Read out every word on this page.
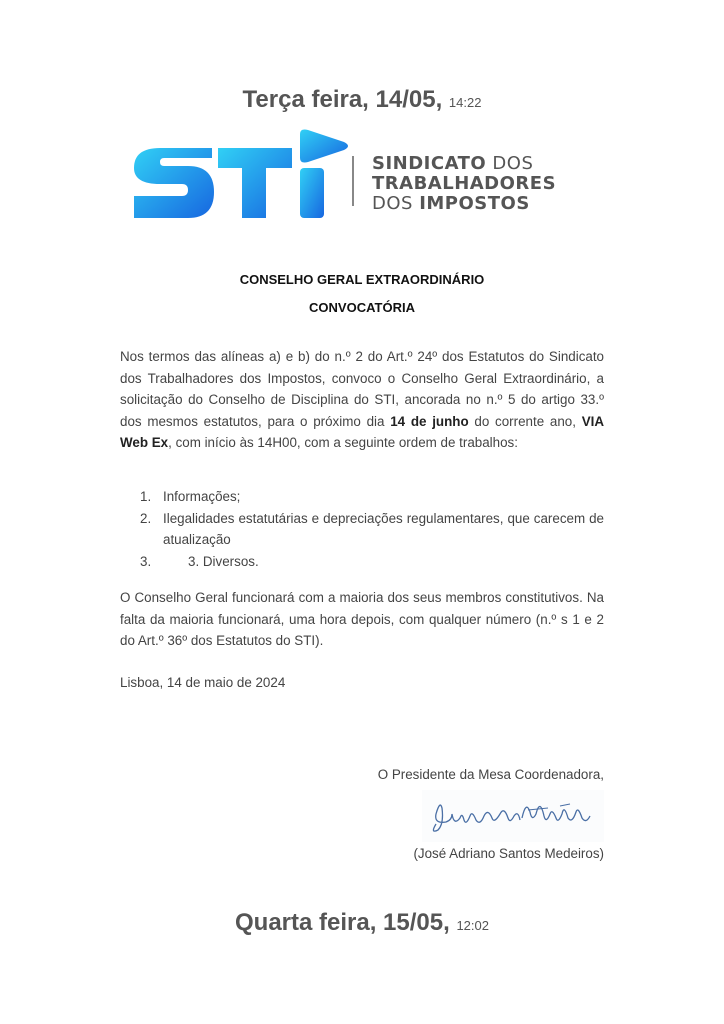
Terça feira, 14/05, 14:22
SINDICATO DOS
TRABALHADORES
DOS IMPOSTOS
CONSELHO GERAL EXTRAORDINÁRIO
CONVOCATÓRIA
Nos termos das alíneas a) e b) do n.º 2 do Art.º 24º dos Estatutos do Sindicato dos Trabalhadores dos Impostos, convoco o Conselho Geral Extraordinário, a solicitação do Conselho de Disciplina do STI, ancorada no n.º 5 do artigo 33.º dos mesmos estatutos, para o próximo dia 14 de junho do corrente ano, VIA Web Ex, com início às 14H00, com a seguinte ordem de trabalhos:
1. Informações;
2. Ilegalidades estatutárias e depreciações regulamentares, que carecem de atualização
3.	3. Diversos.
O Conselho Geral funcionará com a maioria dos seus membros constitutivos. Na falta da maioria funcionará, uma hora depois, com qualquer número (n.º s 1 e 2 do Art.º 36º dos Estatutos do STI).
Lisboa, 14 de maio de 2024
O Presidente da Mesa Coordenadora,
(José Adriano Santos Medeiros)
Quarta feira, 15/05, 12:02
